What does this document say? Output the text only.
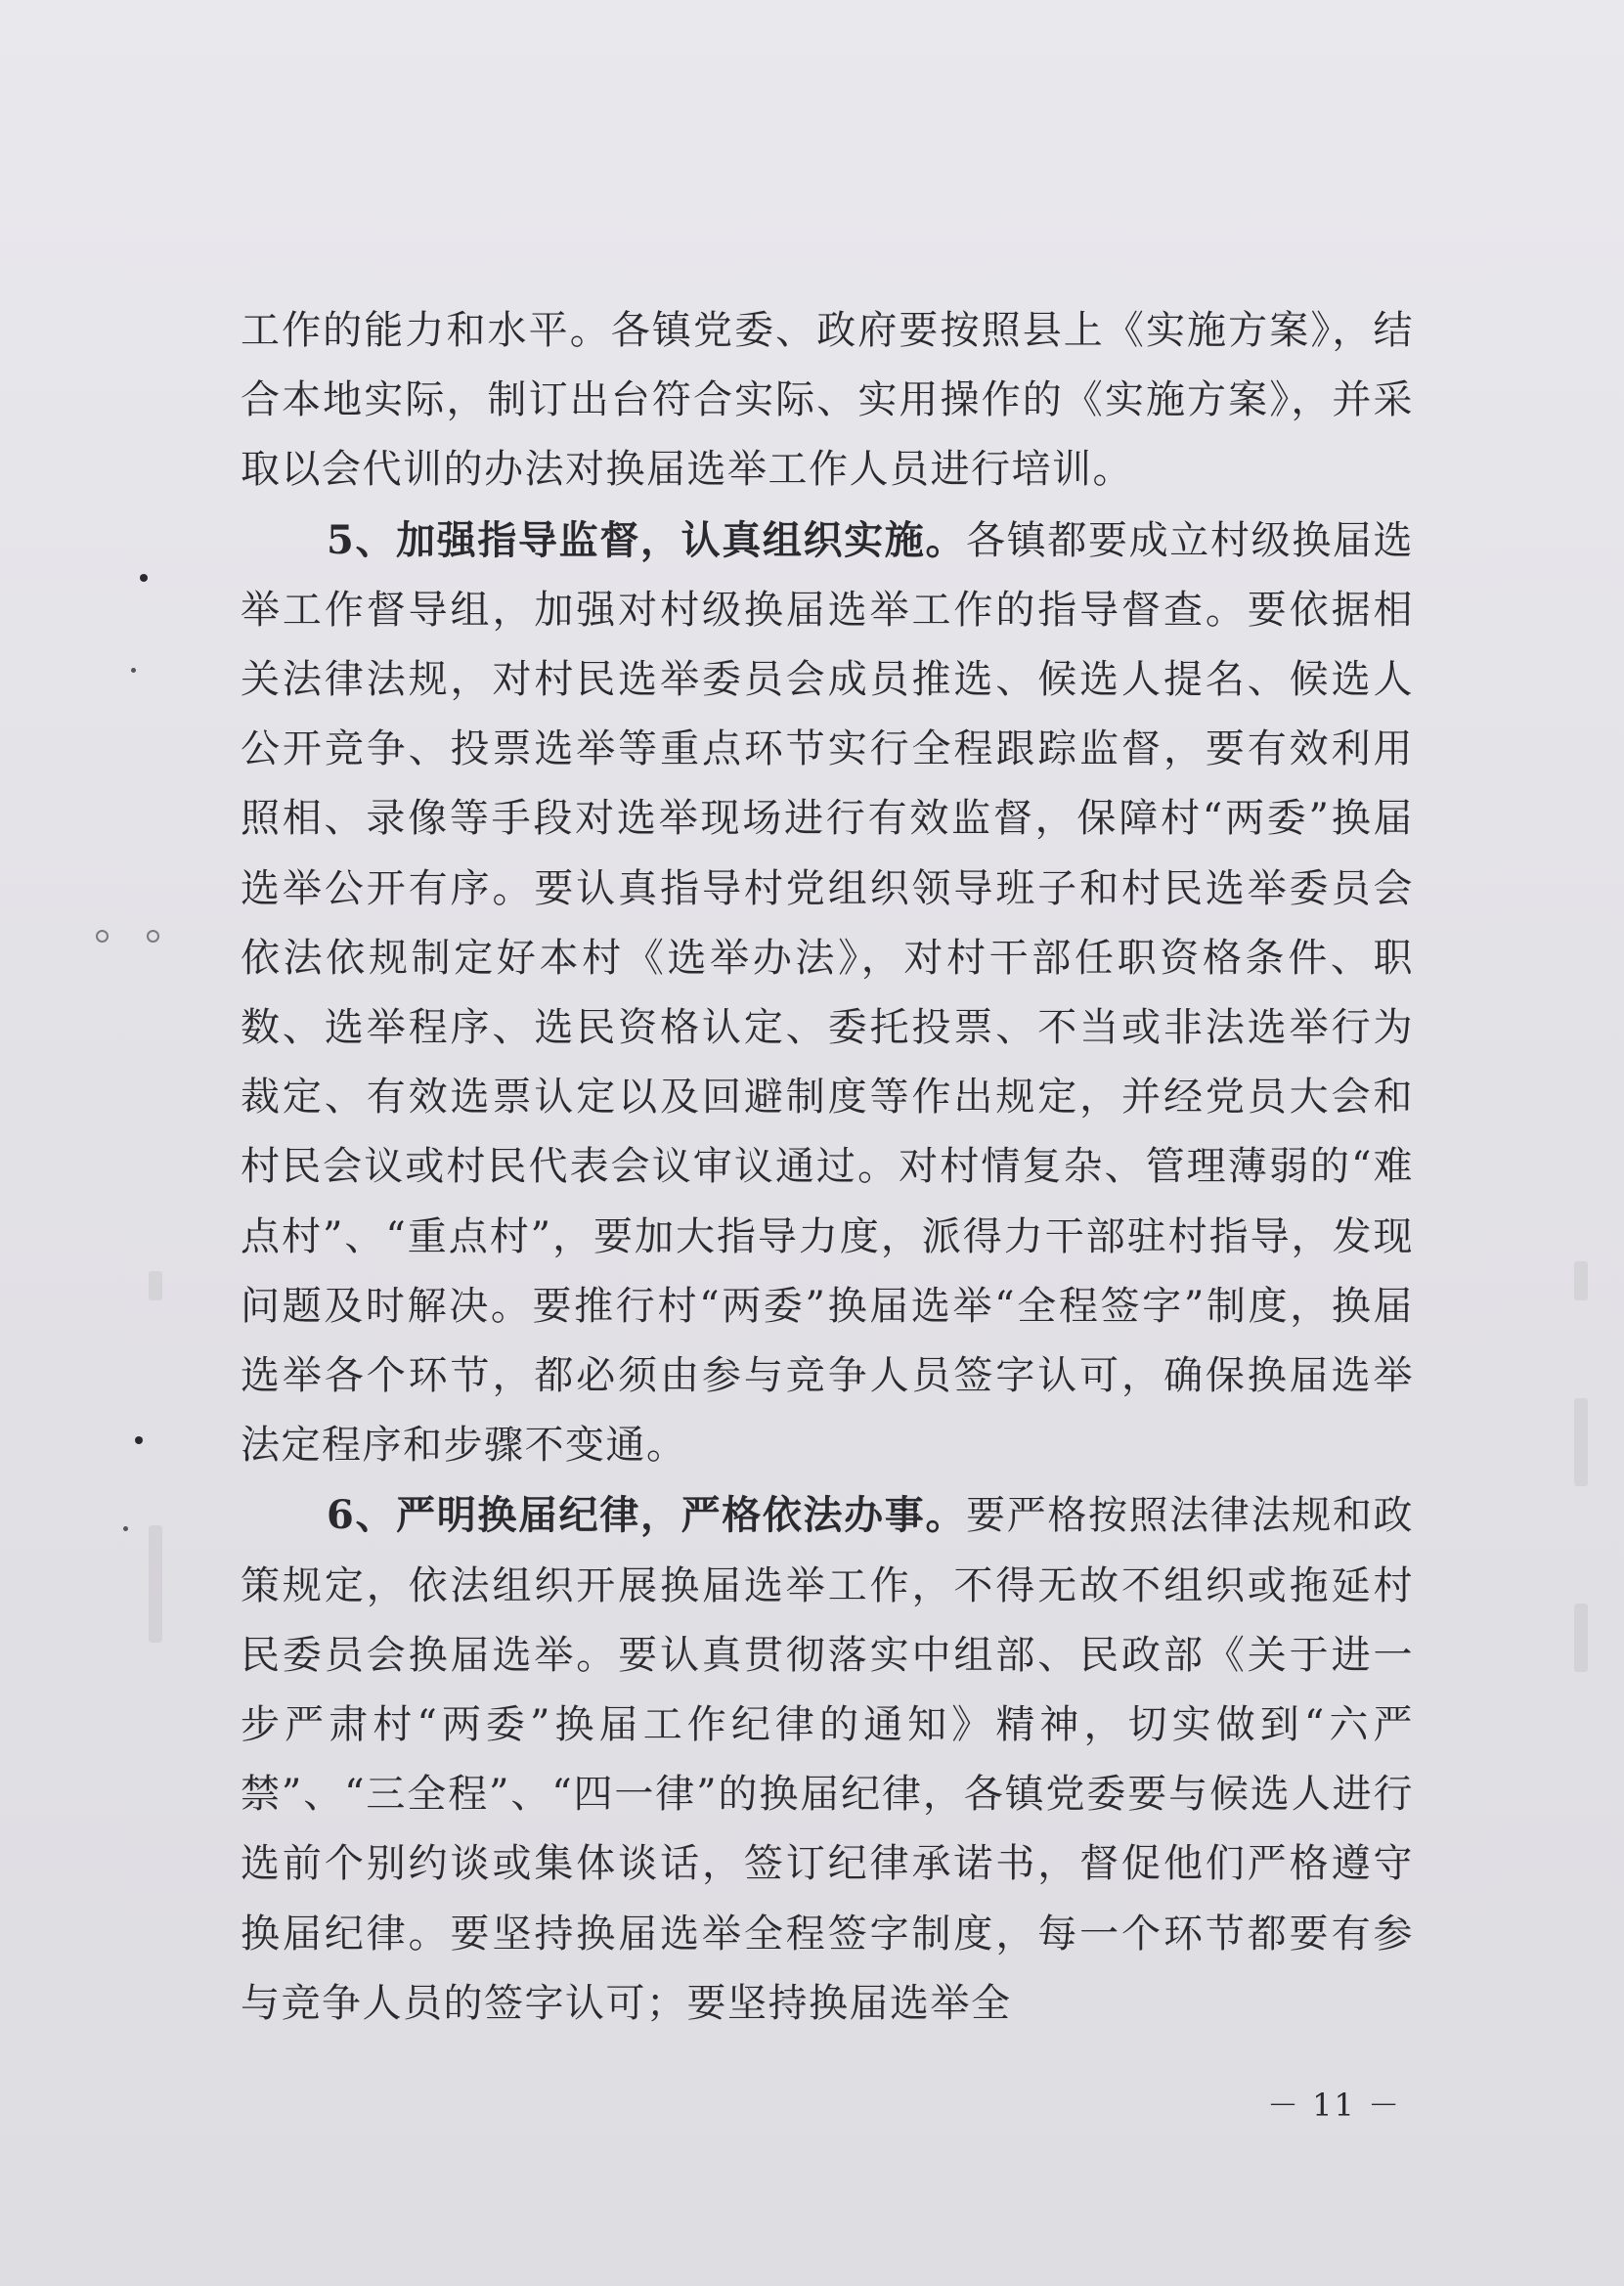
工作的能力和水平。各镇党委、政府要按照县上《实施方案》，结合本地实际，制订出台符合实际、实用操作的《实施方案》，并采取以会代训的办法对换届选举工作人员进行培训。

5、加强指导监督，认真组织实施。各镇都要成立村级换届选举工作督导组，加强对村级换届选举工作的指导督查。要依据相关法律法规，对村民选举委员会成员推选、候选人提名、候选人公开竞争、投票选举等重点环节实行全程跟踪监督，要有效利用照相、录像等手段对选举现场进行有效监督，保障村“两委”换届选举公开有序。要认真指导村党组织领导班子和村民选举委员会依法依规制定好本村《选举办法》，对村干部任职资格条件、职数、选举程序、选民资格认定、委托投票、不当或非法选举行为裁定、有效选票认定以及回避制度等作出规定，并经党员大会和村民会议或村民代表会议审议通过。对村情复杂、管理薄弱的“难点村”、“重点村”，要加大指导力度，派得力干部驻村指导，发现问题及时解决。要推行村“两委”换届选举“全程签字”制度，换届选举各个环节，都必须由参与竞争人员签字认可，确保换届选举法定程序和步骤不变通。

6、严明换届纪律，严格依法办事。要严格按照法律法规和政策规定，依法组织开展换届选举工作，不得无故不组织或拖延村民委员会换届选举。要认真贯彻落实中组部、民政部《关于进一步严肃村“两委”换届工作纪律的通知》精神，切实做到“六严禁”、“三全程”、“四一律”的换届纪律，各镇党委要与候选人进行选前个别约谈或集体谈话，签订纪律承诺书，督促他们严格遵守换届纪律。要坚持换届选举全程签字制度，每一个环节都要有参与竞争人员的签字认可；要坚持换届选举全

－ 11 －
